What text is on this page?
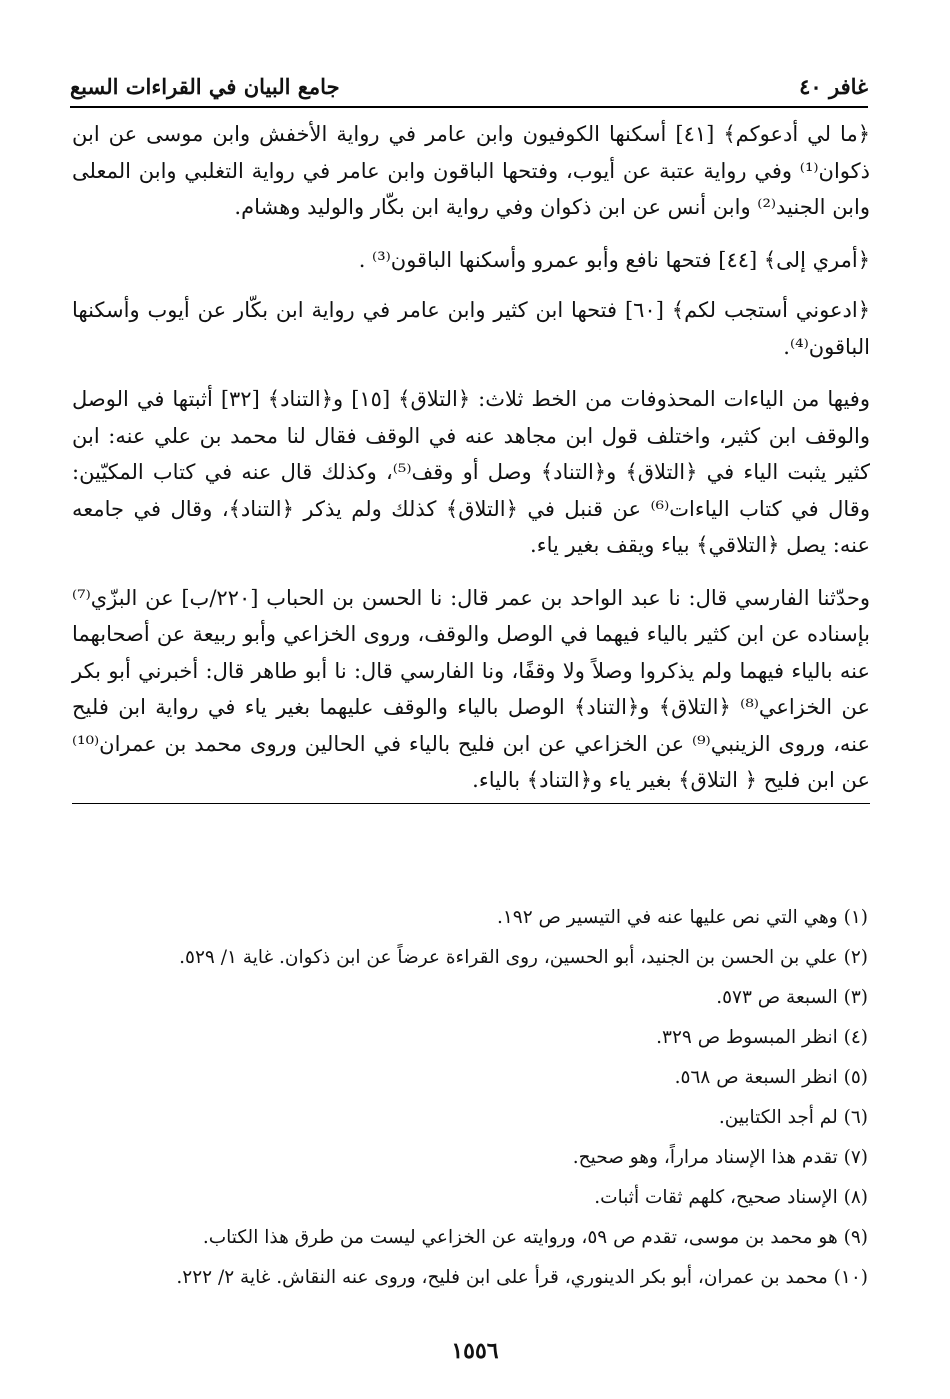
غافر ٤٠
جامع البيان في القراءات السبع

﴿ما لي أدعوكم﴾ [٤١] أسكنها الكوفيون وابن عامر في رواية الأخفش وابن موسى عن ابن ذكوان⁽¹⁾ وفي رواية عتبة عن أيوب، وفتحها الباقون وابن عامر في رواية التغلبي وابن المعلى وابن الجنيد⁽²⁾ وابن أنس عن ابن ذكوان وفي رواية ابن بكّار والوليد وهشام.

﴿أمري إلى﴾ [٤٤] فتحها نافع وأبو عمرو وأسكنها الباقون⁽³⁾ .

﴿ادعوني أستجب لكم﴾ [٦٠] فتحها ابن كثير وابن عامر في رواية ابن بكّار عن أيوب وأسكنها الباقون⁽⁴⁾.

وفيها من الياءات المحذوفات من الخط ثلاث: ﴿التلاق﴾ [١٥] و﴿التناد﴾ [٣٢] أثبتها في الوصل والوقف ابن كثير، واختلف قول ابن مجاهد عنه في الوقف فقال لنا محمد بن علي عنه: ابن كثير يثبت الياء في ﴿التلاق﴾ و﴿التناد﴾ وصل أو وقف⁽⁵⁾، وكذلك قال عنه في كتاب المكيّين: وقال في كتاب الياءات⁽⁶⁾ عن قنبل في ﴿التلاق﴾ كذلك ولم يذكر ﴿التناد﴾، وقال في جامعه عنه: يصل ﴿التلاقي﴾ بياء ويقف بغير ياء.

وحدّثنا الفارسي قال: نا عبد الواحد بن عمر قال: نا الحسن بن الحباب [٢٢٠/ب] عن البزّي⁽⁷⁾ بإسناده عن ابن كثير بالياء فيهما في الوصل والوقف، وروى الخزاعي وأبو ربيعة عن أصحابهما عنه بالياء فيهما ولم يذكروا وصلاً ولا وقفًا، ونا الفارسي قال: نا أبو طاهر قال: أخبرني أبو بكر عن الخزاعي⁽⁸⁾ ﴿التلاق﴾ و﴿التناد﴾ الوصل بالياء والوقف عليهما بغير ياء في رواية ابن فليح عنه، وروى الزينبي⁽⁹⁾ عن الخزاعي عن ابن فليح بالياء في الحالين وروى محمد بن عمران⁽¹⁰⁾ عن ابن فليح ﴿ التلاق﴾ بغير ياء و﴿التناد﴾ بالياء.

(١) وهي التي نص عليها عنه في التيسير ص ١٩٢.
(٢) علي بن الحسن بن الجنيد، أبو الحسين، روى القراءة عرضاً عن ابن ذكوان. غاية ١/ ٥٢٩.
(٣) السبعة ص ٥٧٣.
(٤) انظر المبسوط ص ٣٢٩.
(٥) انظر السبعة ص ٥٦٨.
(٦) لم أجد الكتابين.
(٧) تقدم هذا الإسناد مراراً، وهو صحيح.
(٨) الإسناد صحيح، كلهم ثقات أثبات.
(٩) هو محمد بن موسى، تقدم ص ٥٩، وروايته عن الخزاعي ليست من طرق هذا الكتاب.
(١٠) محمد بن عمران، أبو بكر الدينوري، قرأ على ابن فليح، وروى عنه النقاش. غاية ٢/ ٢٢٢.
١٥٥٦
